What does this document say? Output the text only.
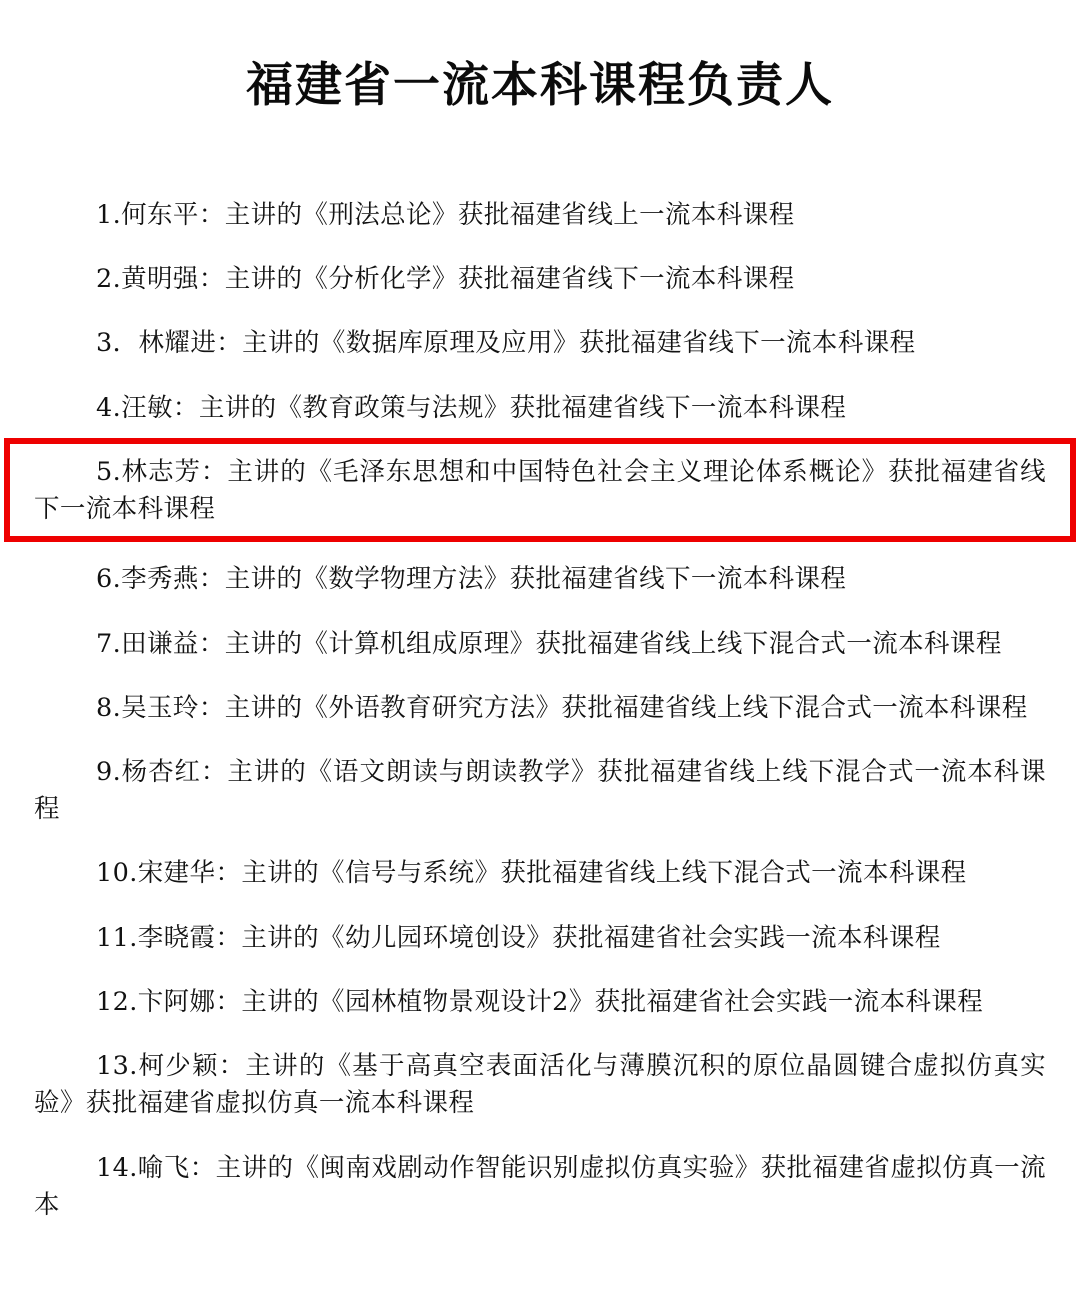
福建省一流本科课程负责人

1.何东平：主讲的《刑法总论》获批福建省线上一流本科课程

2.黄明强：主讲的《分析化学》获批福建省线下一流本科课程

3．林耀进：主讲的《数据库原理及应用》获批福建省线下一流本科课程

4.汪敏：主讲的《教育政策与法规》获批福建省线下一流本科课程

5.林志芳：主讲的《毛泽东思想和中国特色社会主义理论体系概论》获批福建省线下一流本科课程

6.李秀燕：主讲的《数学物理方法》获批福建省线下一流本科课程

7.田谦益：主讲的《计算机组成原理》获批福建省线上线下混合式一流本科课程

8.吴玉玲：主讲的《外语教育研究方法》获批福建省线上线下混合式一流本科课程

9.杨杏红：主讲的《语文朗读与朗读教学》获批福建省线上线下混合式一流本科课程

10.宋建华：主讲的《信号与系统》获批福建省线上线下混合式一流本科课程

11.李晓霞：主讲的《幼儿园环境创设》获批福建省社会实践一流本科课程

12.卞阿娜：主讲的《园林植物景观设计2》获批福建省社会实践一流本科课程

13.柯少颖：主讲的《基于高真空表面活化与薄膜沉积的原位晶圆键合虚拟仿真实验》获批福建省虚拟仿真一流本科课程

14.喻飞：主讲的《闽南戏剧动作智能识别虚拟仿真实验》获批福建省虚拟仿真一流本
